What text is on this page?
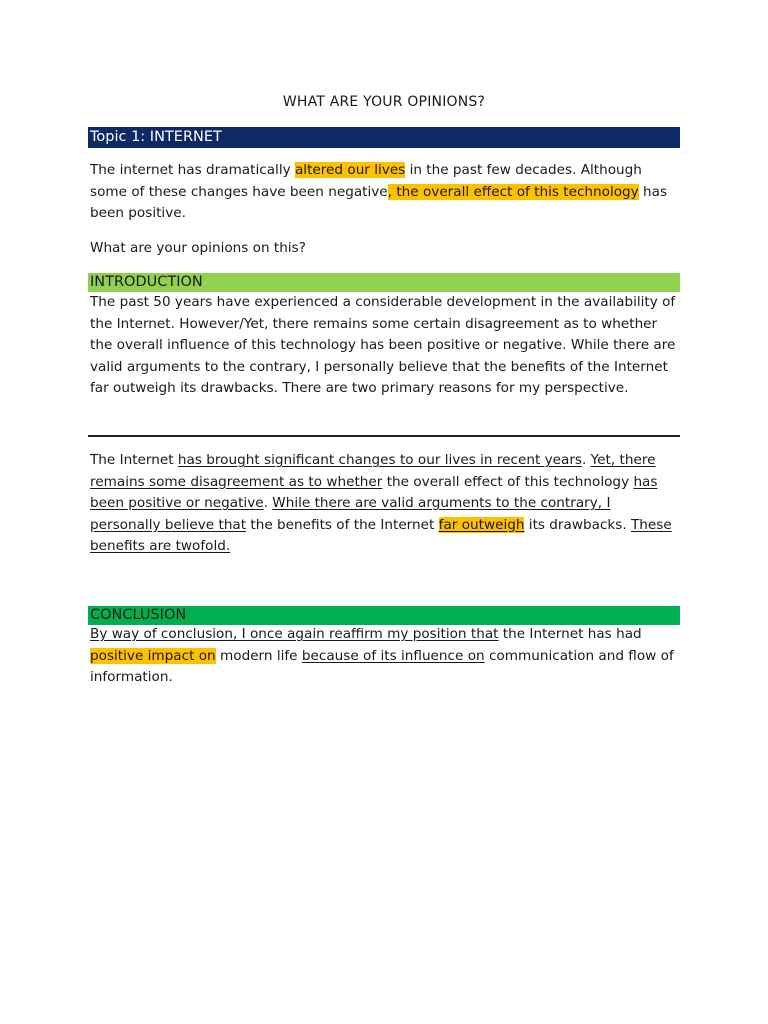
WHAT ARE YOUR OPINIONS?
Topic 1: INTERNET

The internet has dramatically altered our lives in the past few decades. Although some of these changes have been negative, the overall effect of this technology has been positive.

What are your opinions on this?

INTRODUCTION

The past 50 years have experienced a considerable development in the availability of the Internet. However/Yet, there remains some certain disagreement as to whether the overall influence of this technology has been positive or negative. While there are valid arguments to the contrary, I personally believe that the benefits of the Internet far outweigh its drawbacks. There are two primary reasons for my perspective.

The Internet has brought significant changes to our lives in recent years. Yet, there remains some disagreement as to whether the overall effect of this technology has been positive or negative. While there are valid arguments to the contrary, I personally believe that the benefits of the Internet far outweigh its drawbacks. These benefits are twofold.

CONCLUSION

By way of conclusion, I once again reaffirm my position that the Internet has had positive impact on modern life because of its influence on communication and flow of information.
